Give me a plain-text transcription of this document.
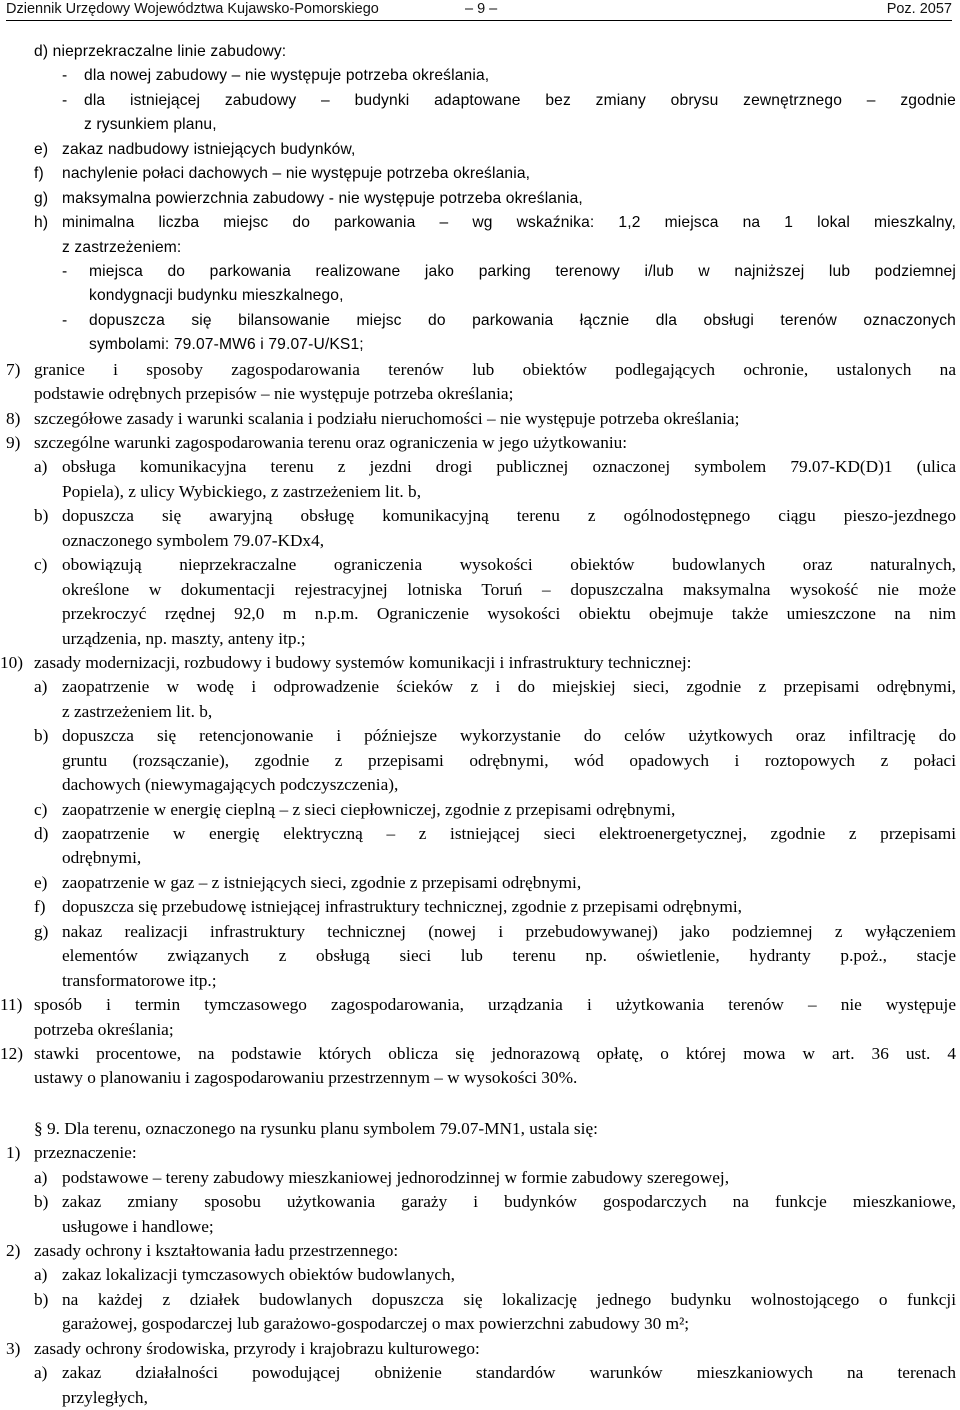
Dziennik Urzędowy Województwa Kujawsko-Pomorskiego	– 9 –	Poz. 2057
d) nieprzekraczalne linie zabudowy:
- dla nowej zabudowy – nie występuje potrzeba określania,
- dla istniejącej zabudowy – budynki adaptowane bez zmiany obrysu zewnętrznego – zgodnie
z rysunkiem planu,
e) zakaz nadbudowy istniejących budynków,
f) nachylenie połaci dachowych – nie występuje potrzeba określania,
g) maksymalna powierzchnia zabudowy - nie występuje potrzeba określania,
h) minimalna liczba miejsc do parkowania – wg wskaźnika: 1,2 miejsca na 1 lokal mieszkalny,
z zastrzeżeniem:
- miejsca do parkowania realizowane jako parking terenowy i/lub w najniższej lub podziemnej
kondygnacji budynku mieszkalnego,
- dopuszcza się bilansowanie miejsc do parkowania łącznie dla obsługi terenów oznaczonych
symbolami: 79.07-MW6 i 79.07-U/KS1;
7) granice i sposoby zagospodarowania terenów lub obiektów podlegających ochronie, ustalonych na
podstawie odrębnych przepisów – nie występuje potrzeba określania;
8) szczegółowe zasady i warunki scalania i podziału nieruchomości – nie występuje potrzeba określania;
9) szczególne warunki zagospodarowania terenu oraz ograniczenia w jego użytkowaniu:
a) obsługa komunikacyjna terenu z jezdni drogi publicznej oznaczonej symbolem 79.07-KD(D)1 (ulica
Popiela), z ulicy Wybickiego, z zastrzeżeniem lit. b,
b) dopuszcza się awaryjną obsługę komunikacyjną terenu z ogólnodostępnego ciągu pieszo-jezdnego
oznaczonego symbolem 79.07-KDx4,
c) obowiązują nieprzekraczalne ograniczenia wysokości obiektów budowlanych oraz naturalnych,
określone w dokumentacji rejestracyjnej lotniska Toruń – dopuszczalna maksymalna wysokość nie może
przekroczyć rzędnej 92,0 m n.p.m. Ograniczenie wysokości obiektu obejmuje także umieszczone na nim
urządzenia, np. maszty, anteny itp.;
10) zasady modernizacji, rozbudowy i budowy systemów komunikacji i infrastruktury technicznej:
a) zaopatrzenie w wodę i odprowadzenie ścieków z i do miejskiej sieci, zgodnie z przepisami odrębnymi,
z zastrzeżeniem lit. b,
b) dopuszcza się retencjonowanie i późniejsze wykorzystanie do celów użytkowych oraz infiltrację do
gruntu (rozsączanie), zgodnie z przepisami odrębnymi, wód opadowych i roztopowych z połaci
dachowych (niewymagających podczyszczenia),
c) zaopatrzenie w energię cieplną – z sieci ciepłowniczej, zgodnie z przepisami odrębnymi,
d) zaopatrzenie w energię elektryczną – z istniejącej sieci elektroenergetycznej, zgodnie z przepisami
odrębnymi,
e) zaopatrzenie w gaz – z istniejących sieci, zgodnie z przepisami odrębnymi,
f) dopuszcza się przebudowę istniejącej infrastruktury technicznej, zgodnie z przepisami odrębnymi,
g) nakaz realizacji infrastruktury technicznej (nowej i przebudowywanej) jako podziemnej z wyłączeniem
elementów związanych z obsługą sieci lub terenu np. oświetlenie, hydranty p.poż., stacje
transformatorowe itp.;
11) sposób i termin tymczasowego zagospodarowania, urządzania i użytkowania terenów – nie występuje
potrzeba określania;
12) stawki procentowe, na podstawie których oblicza się jednorazową opłatę, o której mowa w art. 36 ust. 4
ustawy o planowaniu i zagospodarowaniu przestrzennym – w wysokości 30%.
§ 9. Dla terenu, oznaczonego na rysunku planu symbolem 79.07-MN1, ustala się:
1) przeznaczenie:
a) podstawowe – tereny zabudowy mieszkaniowej jednorodzinnej w formie zabudowy szeregowej,
b) zakaz zmiany sposobu użytkowania garaży i budynków gospodarczych na funkcje mieszkaniowe,
usługowe i handlowe;
2) zasady ochrony i kształtowania ładu przestrzennego:
a) zakaz lokalizacji tymczasowych obiektów budowlanych,
b) na każdej z działek budowlanych dopuszcza się lokalizację jednego budynku wolnostojącego o funkcji
garażowej, gospodarczej lub garażowo-gospodarczej o max powierzchni zabudowy 30 m²;
3) zasady ochrony środowiska, przyrody i krajobrazu kulturowego:
a) zakaz działalności powodującej obniżenie standardów warunków mieszkaniowych na terenach
przyległych,
